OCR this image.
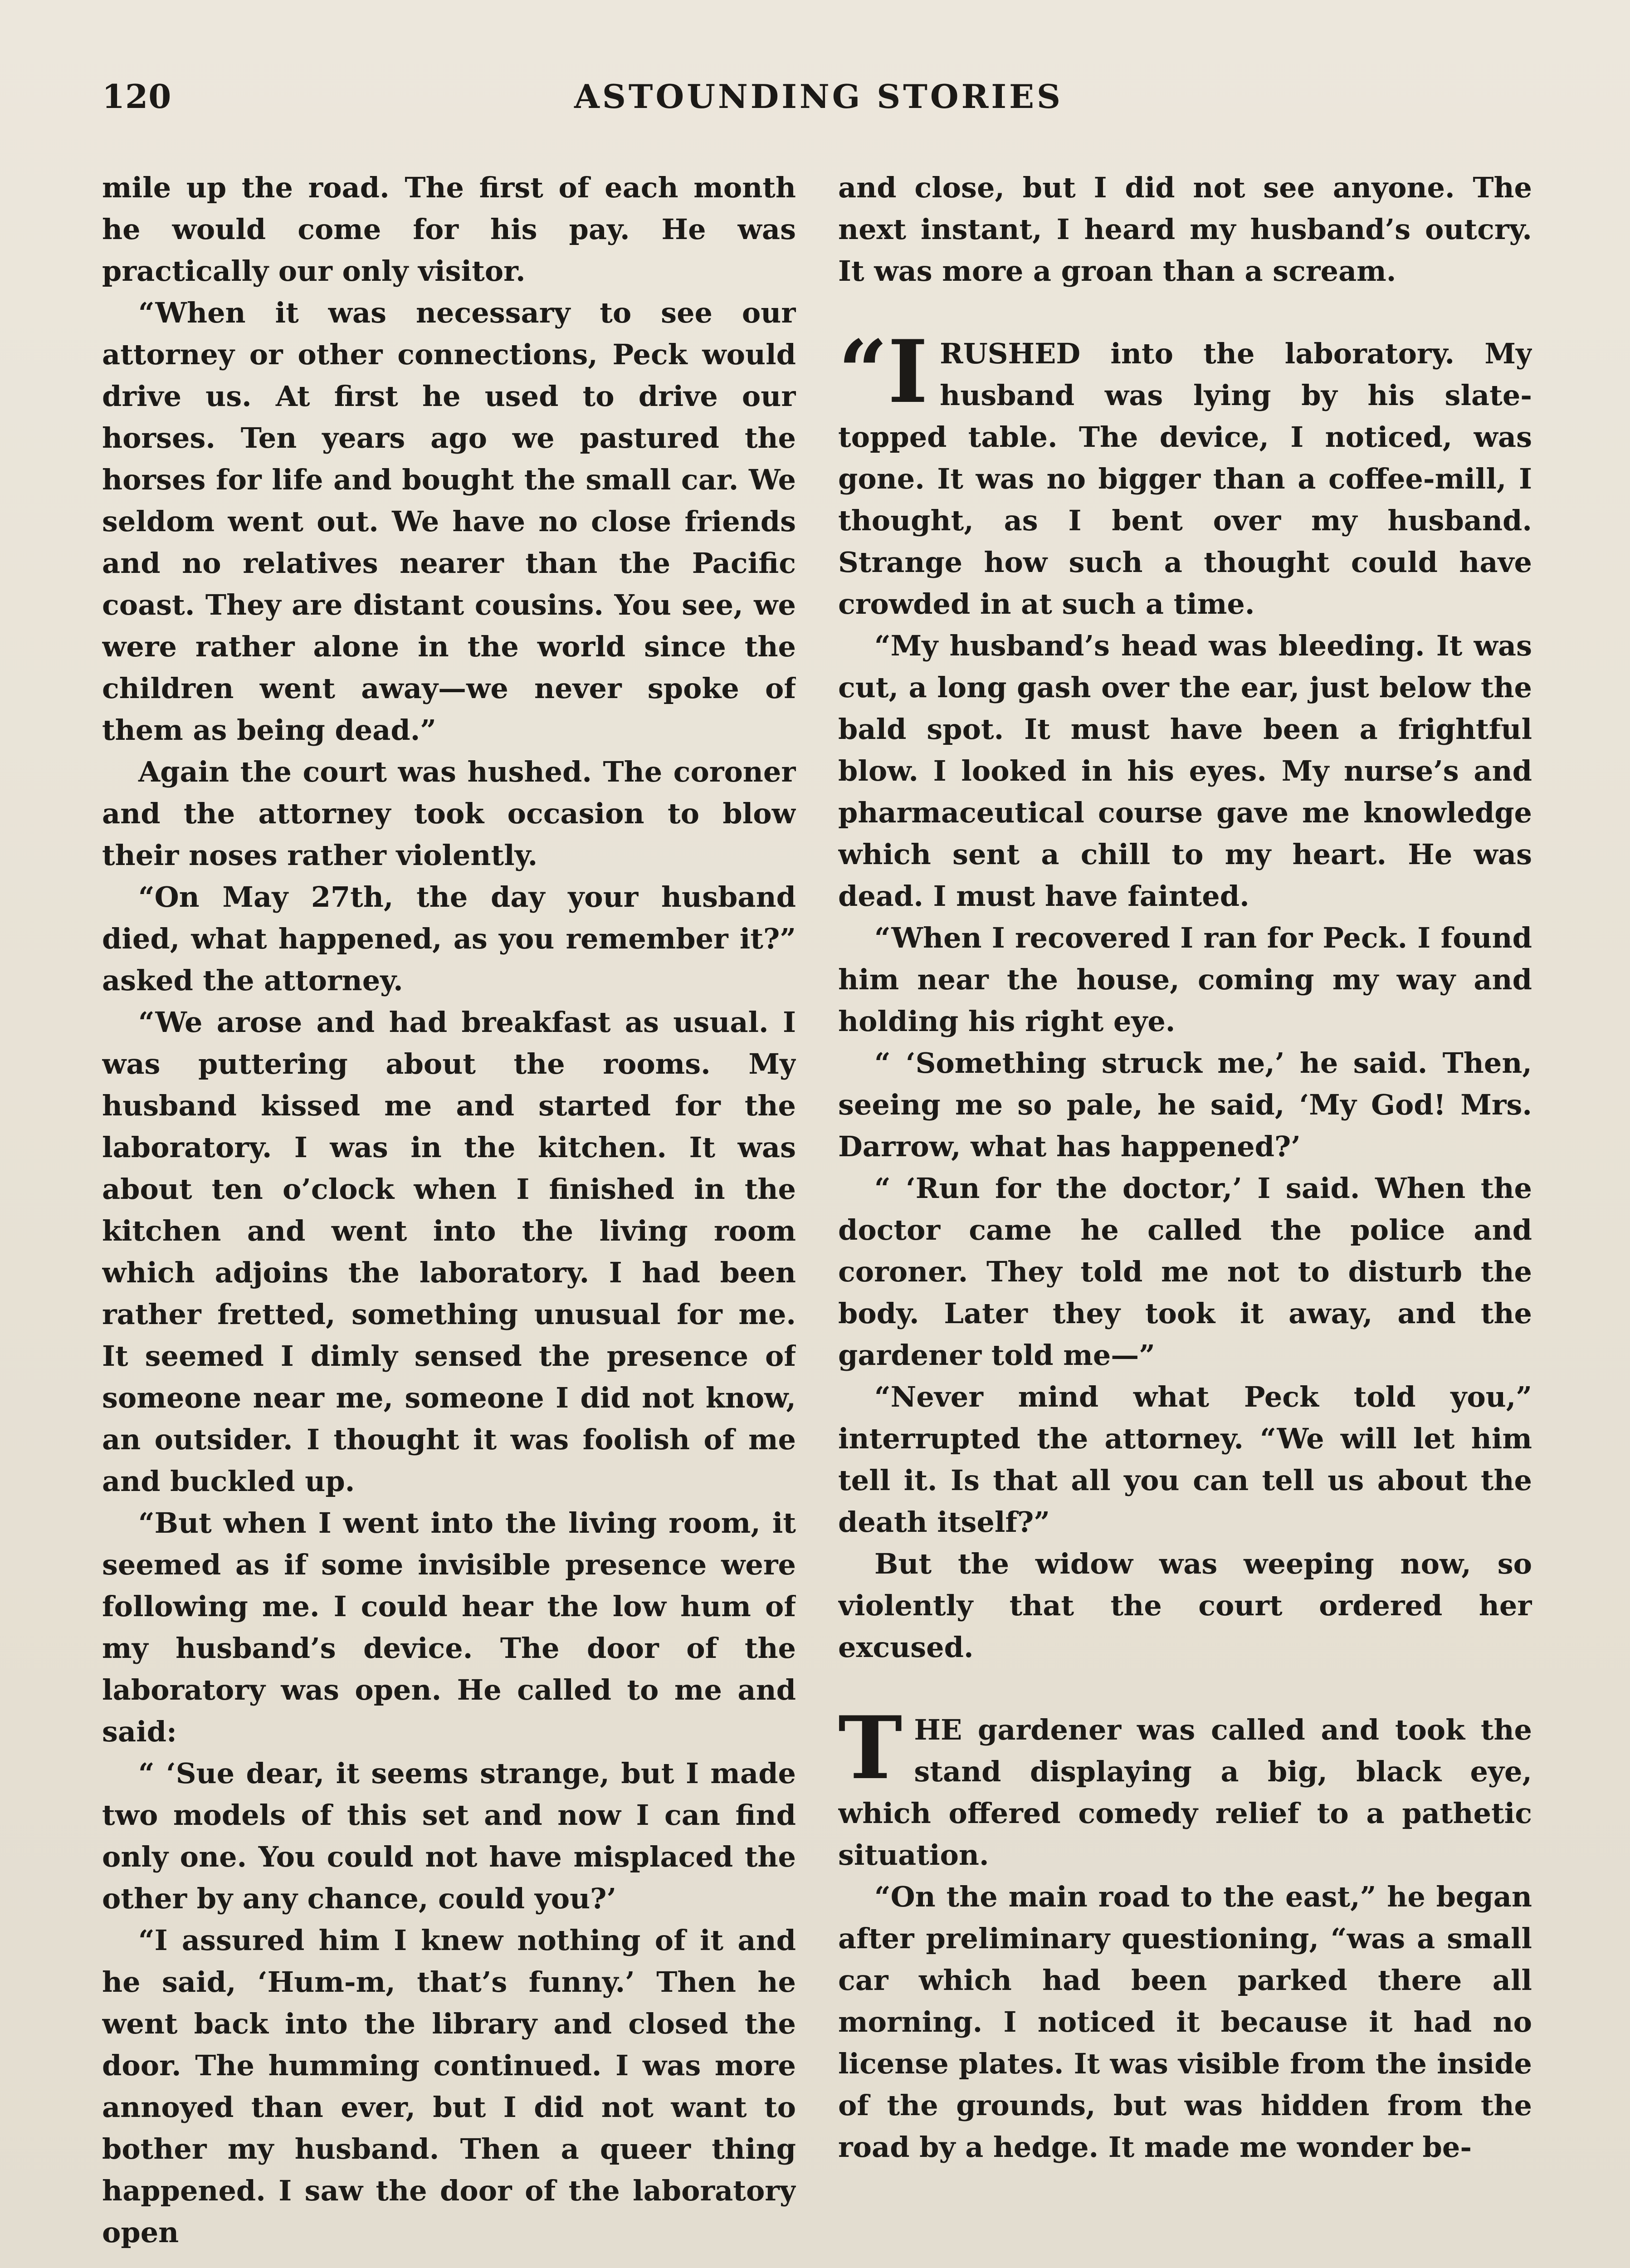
120	ASTOUNDING STORIES

mile up the road. The first of each month he would come for his pay. He was practically our only visitor.

“When it was necessary to see our attorney or other connections, Peck would drive us. At first he used to drive our horses. Ten years ago we pastured the horses for life and bought the small car. We seldom went out. We have no close friends and no relatives nearer than the Pacific coast. They are distant cousins. You see, we were rather alone in the world since the children went away—we never spoke of them as being dead.”

Again the court was hushed. The coroner and the attorney took occasion to blow their noses rather violently.

“On May 27th, the day your husband died, what happened, as you remember it?” asked the attorney.

“We arose and had breakfast as usual. I was puttering about the rooms. My husband kissed me and started for the laboratory. I was in the kitchen. It was about ten o’clock when I finished in the kitchen and went into the living room which adjoins the laboratory. I had been rather fretted, something unusual for me. It seemed I dimly sensed the presence of someone near me, someone I did not know, an outsider. I thought it was foolish of me and buckled up.

“But when I went into the living room, it seemed as if some invisible presence were following me. I could hear the low hum of my husband’s device. The door of the laboratory was open. He called to me and said:

“ ‘Sue dear, it seems strange, but I made two models of this set and now I can find only one. You could not have misplaced the other by any chance, could you?’

“I assured him I knew nothing of it and he said, ‘Hum-m, that’s funny.’ Then he went back into the library and closed the door. The humming continued. I was more annoyed than ever, but I did not want to bother my husband. Then a queer thing happened. I saw the door of the laboratory open

and close, but I did not see anyone. The next instant, I heard my husband’s outcry. It was more a groan than a scream.

“I RUSHED into the laboratory. My husband was lying by his slate-topped table. The device, I noticed, was gone. It was no bigger than a coffee-mill, I thought, as I bent over my husband. Strange how such a thought could have crowded in at such a time.

“My husband’s head was bleeding. It was cut, a long gash over the ear, just below the bald spot. It must have been a frightful blow. I looked in his eyes. My nurse’s and pharmaceutical course gave me knowledge which sent a chill to my heart. He was dead. I must have fainted.

“When I recovered I ran for Peck. I found him near the house, coming my way and holding his right eye.

“ ‘Something struck me,’ he said. Then, seeing me so pale, he said, ‘My God! Mrs. Darrow, what has happened?’

“ ‘Run for the doctor,’ I said. When the doctor came he called the police and coroner. They told me not to disturb the body. Later they took it away, and the gardener told me—”

“Never mind what Peck told you,” interrupted the attorney. “We will let him tell it. Is that all you can tell us about the death itself?”

But the widow was weeping now, so violently that the court ordered her excused.

THE gardener was called and took the stand displaying a big, black eye, which offered comedy relief to a pathetic situation.

“On the main road to the east,” he began after preliminary questioning, “was a small car which had been parked there all morning. I noticed it because it had no license plates. It was visible from the inside of the grounds, but was hidden from the road by a hedge. It made me wonder be-
